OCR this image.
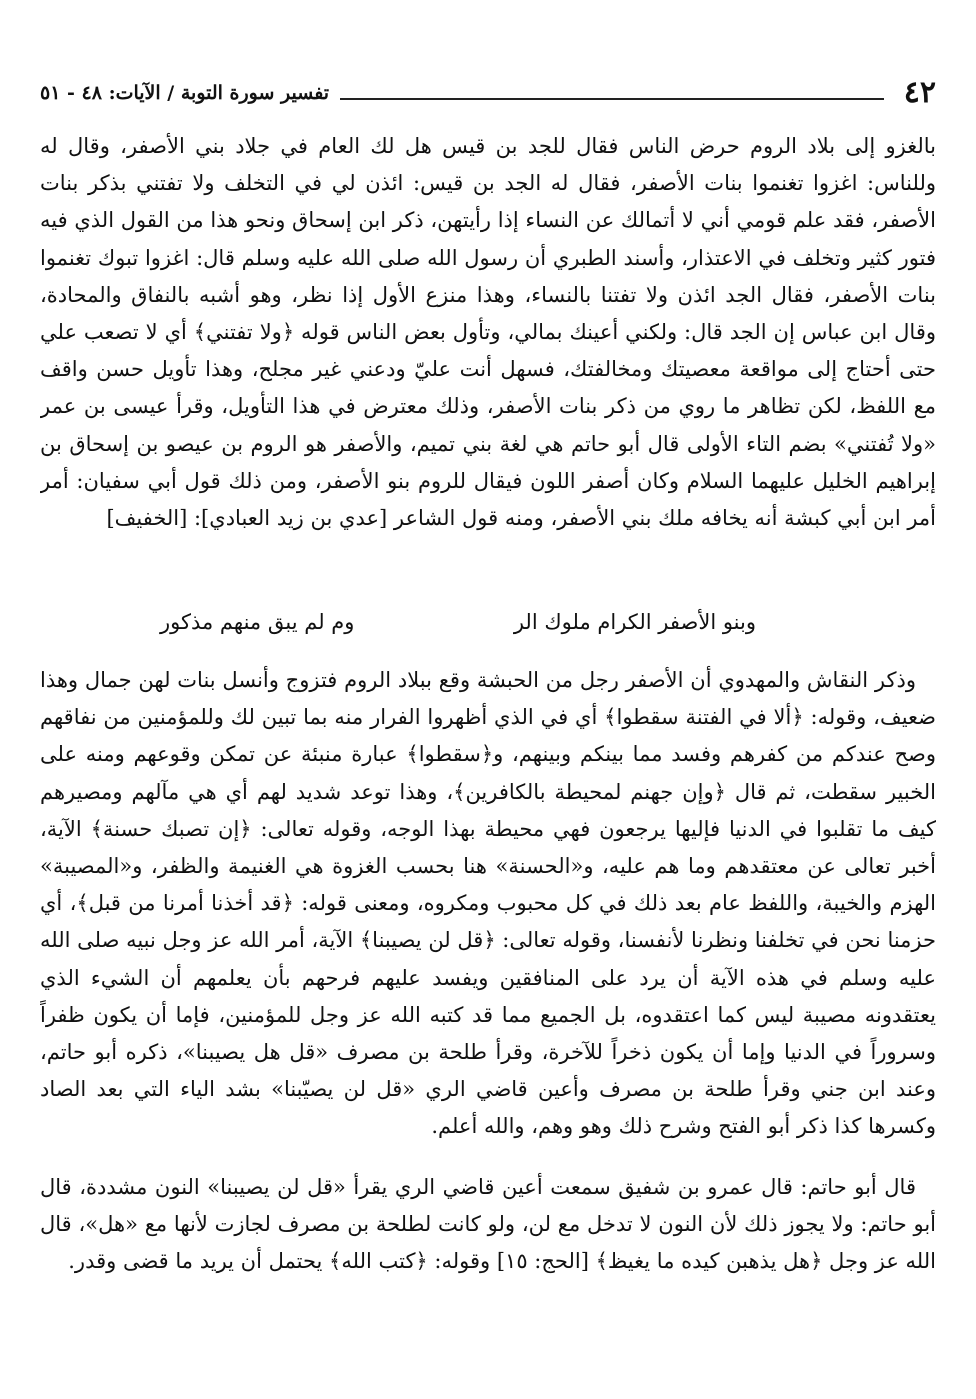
٤٢
تفسير سورة التوبة / الآيات: ٤٨ - ٥١

بالغزو إلى بلاد الروم حرض الناس فقال للجد بن قيس هل لك العام في جلاد بني الأصفر، وقال له وللناس: اغزوا تغنموا بنات الأصفر، فقال له الجد بن قيس: ائذن لي في التخلف ولا تفتني بذكر بنات الأصفر، فقد علم قومي أني لا أتمالك عن النساء إذا رأيتهن، ذكر ابن إسحاق ونحو هذا من القول الذي فيه فتور كثير وتخلف في الاعتذار، وأسند الطبري أن رسول الله صلى الله عليه وسلم قال: اغزوا تبوك تغنموا بنات الأصفر، فقال الجد ائذن ولا تفتنا بالنساء، وهذا منزع الأول إذا نظر، وهو أشبه بالنفاق والمحادة، وقال ابن عباس إن الجد قال: ولكني أعينك بمالي، وتأول بعض الناس قوله ﴿ولا تفتني﴾ أي لا تصعب علي حتى أحتاج إلى مواقعة معصيتك ومخالفتك، فسهل أنت عليّ ودعني غير مجلح، وهذا تأويل حسن واقف مع اللفظ، لكن تظاهر ما روي من ذكر بنات الأصفر، وذلك معترض في هذا التأويل، وقرأ عيسى بن عمر «ولا تُفتني» بضم التاء الأولى قال أبو حاتم هي لغة بني تميم، والأصفر هو الروم بن عيصو بن إسحاق بن إبراهيم الخليل عليهما السلام وكان أصفر اللون فيقال للروم بنو الأصفر، ومن ذلك قول أبي سفيان: أمر أمر ابن أبي كبشة أنه يخافه ملك بني الأصفر، ومنه قول الشاعر [عدي بن زيد العبادي]: [الخفيف]

وبنو الأصفر الكرام ملوك الر
وم لم يبق منهم مذكور

وذكر النقاش والمهدوي أن الأصفر رجل من الحبشة وقع ببلاد الروم فتزوج وأنسل بنات لهن جمال وهذا ضعيف، وقوله: ﴿ألا في الفتنة سقطوا﴾ أي في الذي أظهروا الفرار منه بما تبين لك وللمؤمنين من نفاقهم وصح عندكم من كفرهم وفسد مما بينكم وبينهم، و﴿سقطوا﴾ عبارة منبئة عن تمكن وقوعهم ومنه على الخبير سقطت، ثم قال ﴿وإن جهنم لمحيطة بالكافرين﴾، وهذا توعد شديد لهم أي هي مآلهم ومصيرهم كيف ما تقلبوا في الدنيا فإليها يرجعون فهي محيطة بهذا الوجه، وقوله تعالى: ﴿إن تصبك حسنة﴾ الآية، أخبر تعالى عن معتقدهم وما هم عليه، و«الحسنة» هنا بحسب الغزوة هي الغنيمة والظفر، و«المصيبة» الهزم والخيبة، واللفظ عام بعد ذلك في كل محبوب ومكروه، ومعنى قوله: ﴿قد أخذنا أمرنا من قبل﴾، أي حزمنا نحن في تخلفنا ونظرنا لأنفسنا، وقوله تعالى: ﴿قل لن يصيبنا﴾ الآية، أمر الله عز وجل نبيه صلى الله عليه وسلم في هذه الآية أن يرد على المنافقين ويفسد عليهم فرحهم بأن يعلمهم أن الشيء الذي يعتقدونه مصيبة ليس كما اعتقدوه، بل الجميع مما قد كتبه الله عز وجل للمؤمنين، فإما أن يكون ظفراً وسروراً في الدنيا وإما أن يكون ذخراً للآخرة، وقرأ طلحة بن مصرف «قل هل يصيبنا»، ذكره أبو حاتم، وعند ابن جني وقرأ طلحة بن مصرف وأعين قاضي الري «قل لن يصيّبنا» بشد الياء التي بعد الصاد وكسرها كذا ذكر أبو الفتح وشرح ذلك وهو وهم، والله أعلم.

قال أبو حاتم: قال عمرو بن شفيق سمعت أعين قاضي الري يقرأ «قل لن يصيبنا» النون مشددة، قال أبو حاتم: ولا يجوز ذلك لأن النون لا تدخل مع لن، ولو كانت لطلحة بن مصرف لجازت لأنها مع «هل»، قال الله عز وجل ﴿هل يذهبن كيده ما يغيظ﴾ [الحج: ١٥] وقوله: ﴿كتب الله﴾ يحتمل أن يريد ما قضى وقدر.
